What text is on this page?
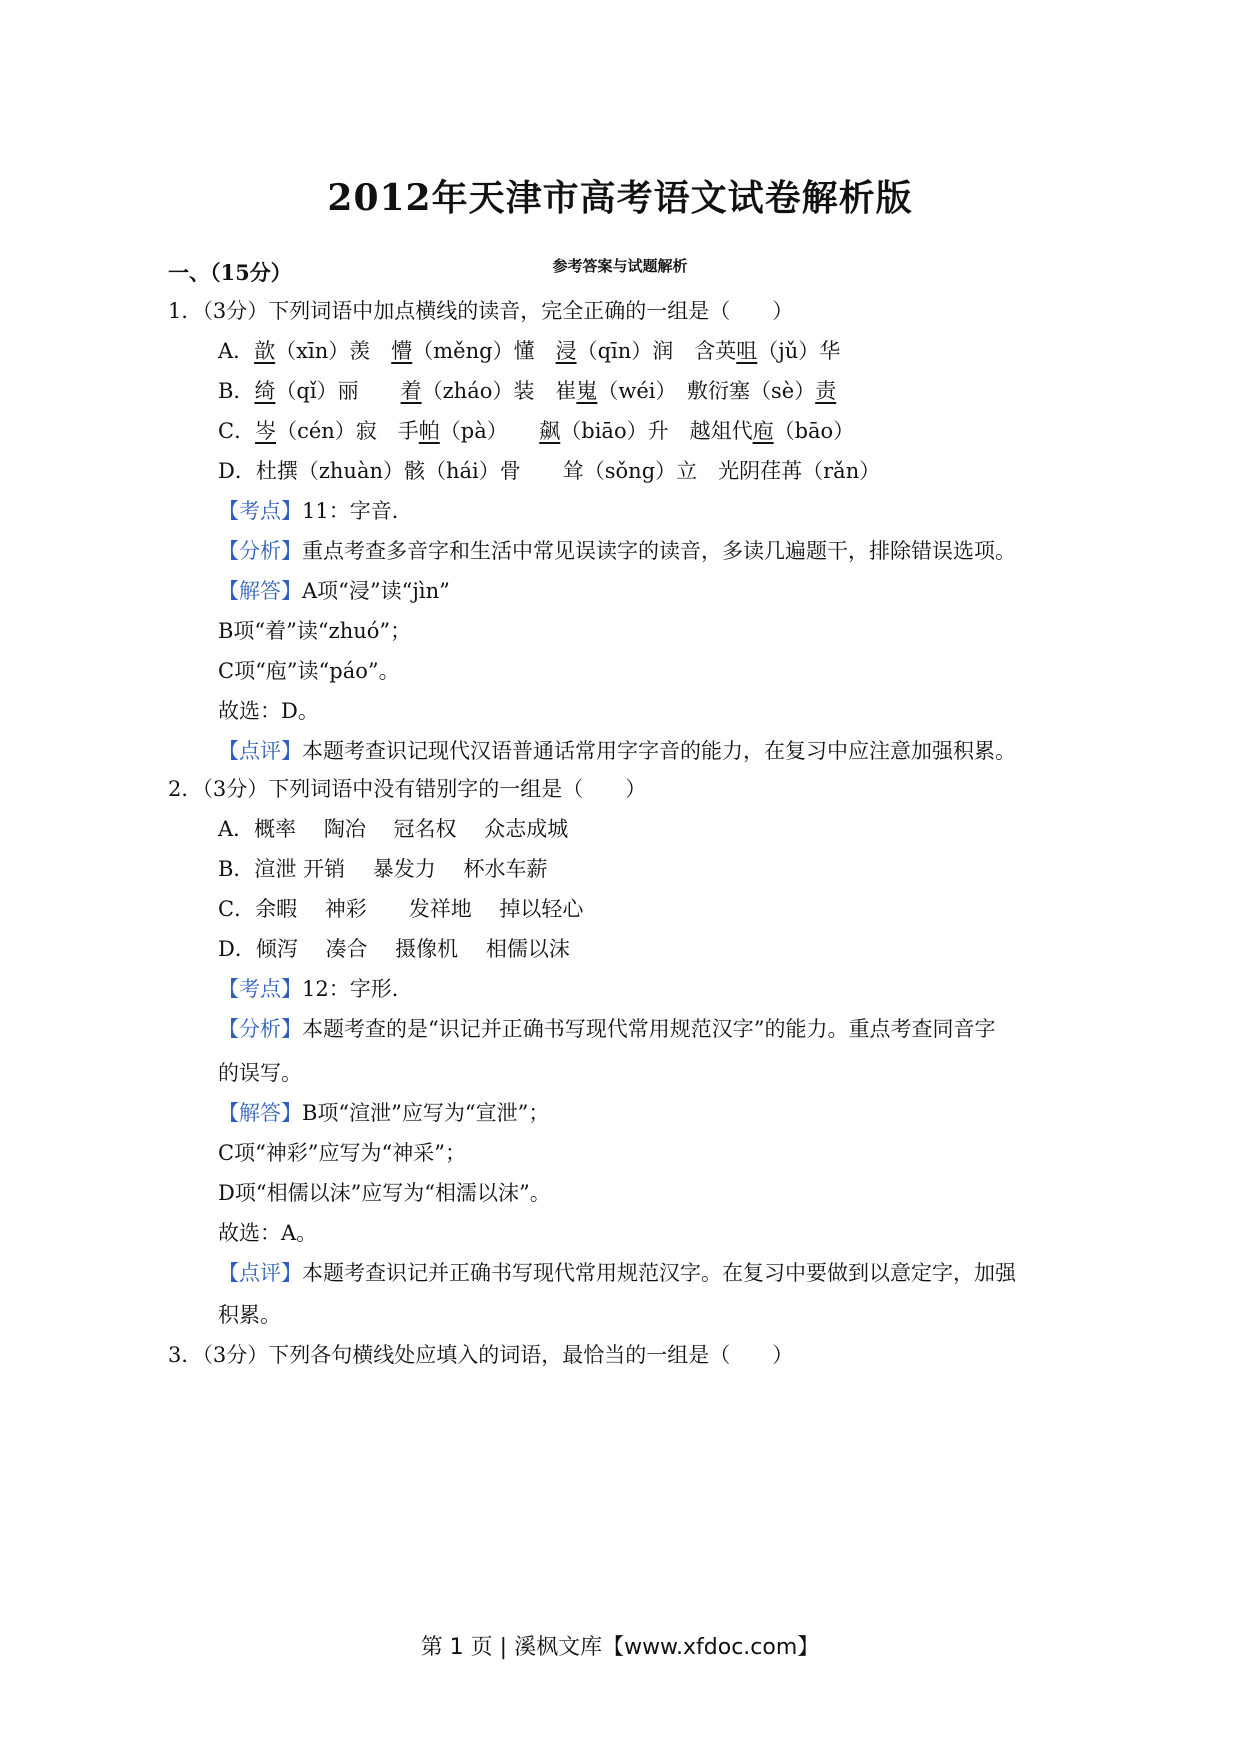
2012年天津市高考语文试卷解析版
参考答案与试题解析
一、（15分）
1．（3分）下列词语中加点横线的读音，完全正确的一组是（　　）
A．歆（xīn）羡　懵（měng）懂　浸（qīn）润　含英咀（jǔ）华
B．绮（qǐ）丽　　着（zháo）装　崔嵬（wéi）　敷衍塞（sè）责
C．岑（cén）寂　手帕（pà）　　飙（biāo）升　越俎代庖（bāo）
D．杜撰（zhuàn）骸（hái）骨　　耸（sǒng）立　光阴荏苒（rǎn）
【考点】11：字音．
【分析】重点考查多音字和生活中常见误读字的读音，多读几遍题干，排除错误选项。
【解答】A项“浸”读“jìn”
B项“着”读“zhuó”；
C项“庖”读“páo”。
故选：D。
【点评】本题考查识记现代汉语普通话常用字字音的能力，在复习中应注意加强积累。
2．（3分）下列词语中没有错别字的一组是（　　）
A．概率　 陶冶　 冠名权　 众志成城
B．渲泄 开销　 暴发力　 杯水车薪
C．余暇　 神彩　　发祥地　 掉以轻心
D．倾泻　 凑合　 摄像机　 相儒以沫
【考点】12：字形．
【分析】本题考查的是“识记并正确书写现代常用规范汉字”的能力。重点考查同音字
的误写。
【解答】B项“渲泄”应写为“宣泄”；
C项“神彩”应写为“神采”；
D项“相儒以沫”应写为“相濡以沫”。
故选：A。
【点评】本题考查识记并正确书写现代常用规范汉字。在复习中要做到以意定字，加强
积累。
3．（3分）下列各句横线处应填入的词语，最恰当的一组是（　　）
第 1 页 | 溪枫文库【www.xfdoc.com】
